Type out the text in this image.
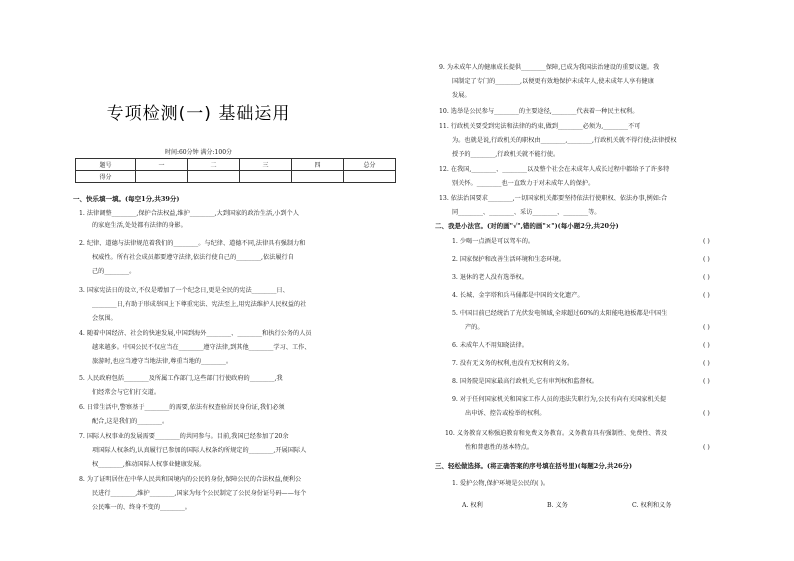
专项检测(一) 基础运用
时间:60分钟 满分:100分
题号	一	二	三	四	总分
得分					
一、快乐填一填。(每空1分,共39分)
1. 法律调整________,保护合法权益,维护________,大到国家的政治生活,小到个人
的家庭生活,处处都有法律的身影。
2. 纪律、道德与法律规范着我们的________。与纪律、道德不同,法律具有强制力和
权威性。所有社会成员都要遵守法律,依法行使自己的________,依法履行自
己的________。
3. 国家宪法日的设立,不仅是增加了一个纪念日,更是全民的宪法________日、
________日,有助于形成举国上下尊重宪法、宪法至上,用宪法维护人民权益的社
会氛围。
4. 随着中国经济、社会的快速发展,中国到海外________、________和执行公务的人员
越来越多。中国公民不仅应当在________遵守法律,到其他________学习、工作、
旅游时,也应当遵守当地法律,尊重当地的________。
5. 人民政府包括________及所属工作部门,这些部门行使政府的________,我
们经常会与它们打交道。
6. 日常生活中,警察基于________的需要,依法有权查验居民身份证,我们必须
配合,这是我们的________。
7. 国际人权事业的发展需要________的共同参与。目前,我国已经参加了20余
项国际人权条约,认真履行已参加的国际人权条约所规定的________,开展国际人
权________,推动国际人权事业健康发展。
8. 为了证明居住在中华人民共和国境内的公民的身份,保障公民的合法权益,便利公
民进行________,维护________,国家为每个公民制定了公民身份证号码——每个
公民唯一的、终身不变的________。
9. 为未成年人的健康成长提供________保障,已成为我国法治建设的重要议题。我
国制定了专门的________,以便更有效地保护未成年人,使未成年人享有健康
发展。
10. 选举是公民参与________的主要途径,________代表着一种民主权利。
11. 行政机关要受到宪法和法律的约束,做到________必须为,________不可
为。也就是说,行政机关的职权由________,________,行政机关就不得行使;法律授权
授予的________,行政机关就不能行使。
12. 在我国,________、________以及整个社会在未成年人成长过程中都给予了许多特
别关怀。________也一直致力于对未成年人的保护。
13. 依法治国要求________,一切国家机关都要坚持依法行使职权、依法办事,例如:合
同________、________、采访________、________等。
二、我是小法官。(对的画"√",错的画"×")(每小题2分,共20分)
1. 少喝一点酒是可以驾车的。	( )
2. 国家保护和改善生活环境和生态环境。	( )
3. 退休的老人没有选举权。	( )
4. 长城、金字塔和兵马俑都是中国的文化遗产。	( )
5. 中国目前已经统治了光伏发电领域,全球超过60%的太阳能电池板都是中国生
产的。	( )
6. 未成年人不用知晓法律。	( )
7. 没有无义务的权利,也没有无权利的义务。	( )
8. 国务院是国家最高行政机关,它有审判权和监督权。	( )
9. 对于任何国家机关和国家工作人员的违法失职行为,公民有向有关国家机关提
出申诉、控告或检举的权利。	( )
10. 义务教育又称强迫教育和免费义务教育。义务教育具有强制性、免费性、普及
性和普惠性的基本特点。	( )
三、轻松做选择。(将正确答案的序号填在括号里)(每题2分,共26分)
1. 爱护公物,保护环境是公民的( )。
A. 权利	B. 义务	C. 权利和义务
